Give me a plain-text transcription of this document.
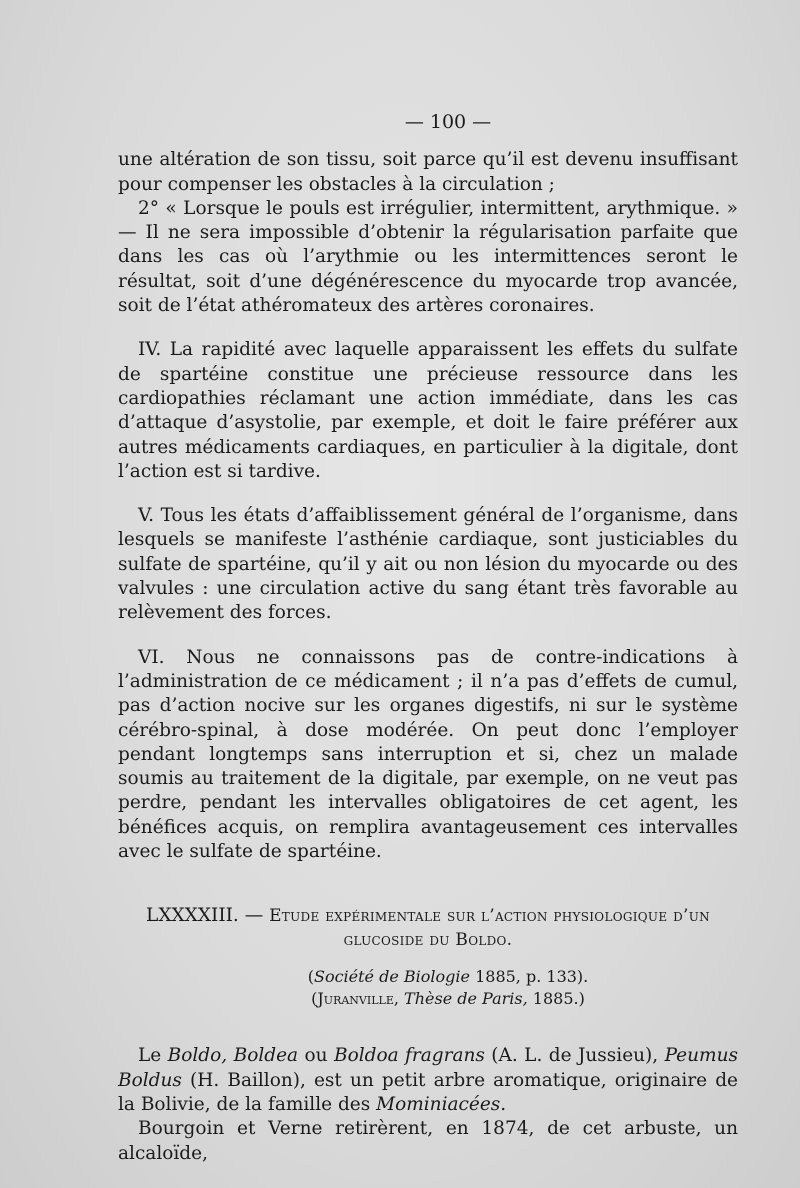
— 100 —

une altération de son tissu, soit parce qu’il est devenu insuffisant pour compenser les obstacles à la circulation ;

2° « Lorsque le pouls est irrégulier, intermittent, arythmique. » — Il ne sera impossible d’obtenir la régularisation parfaite que dans les cas où l’arythmie ou les intermittences seront le résultat, soit d’une dégénérescence du myocarde trop avancée, soit de l’état athéromateux des artères coronaires.

IV. La rapidité avec laquelle apparaissent les effets du sulfate de spartéine constitue une précieuse ressource dans les cardiopathies réclamant une action immédiate, dans les cas d’attaque d’asystolie, par exemple, et doit le faire préférer aux autres médicaments cardiaques, en particulier à la digitale, dont l’action est si tardive.

V. Tous les états d’affaiblissement général de l’organisme, dans lesquels se manifeste l’asthénie cardiaque, sont justiciables du sulfate de spartéine, qu’il y ait ou non lésion du myocarde ou des valvules : une circulation active du sang étant très favorable au relèvement des forces.

VI. Nous ne connaissons pas de contre-indications à l’administration de ce médicament ; il n’a pas d’effets de cumul, pas d’action nocive sur les organes digestifs, ni sur le système cérébro-spinal, à dose modérée. On peut donc l’employer pendant longtemps sans interruption et si, chez un malade soumis au traitement de la digitale, par exemple, on ne veut pas perdre, pendant les intervalles obligatoires de cet agent, les bénéfices acquis, on remplira avantageusement ces intervalles avec le sulfate de spartéine.

LXXXXIII. — Etude expérimentale sur l’action physiologique d’un
glucoside du Boldo.
(Société de Biologie 1885, p. 133).
(Juranville, Thèse de Paris, 1885.)

Le Boldo, Boldea ou Boldoa fragrans (A. L. de Jussieu), Peumus Boldus (H. Baillon), est un petit arbre aromatique, originaire de la Bolivie, de la famille des Mominiacées.

Bourgoin et Verne retirèrent, en 1874, de cet arbuste, un alcaloïde,
